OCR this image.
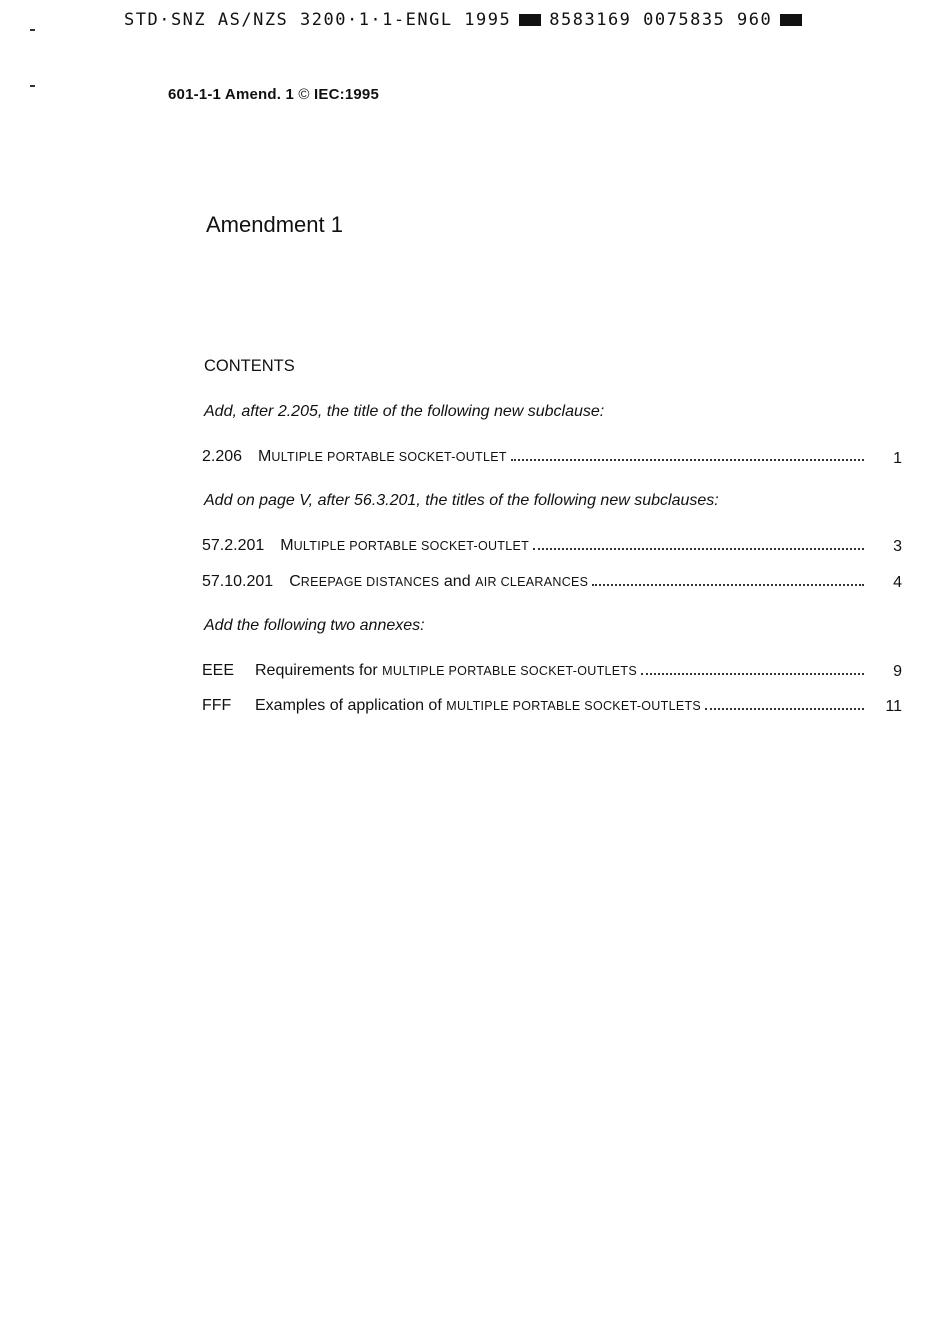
STD·SNZ AS/NZS 3200·1·1-ENGL 1995 8583169 0075835 960
601-1-1 Amend. 1 © IEC:1995
Amendment 1
CONTENTS
Add, after 2.205, the title of the following new subclause:
2.206 MULTIPLE PORTABLE SOCKET-OUTLET	1
Add on page V, after 56.3.201, the titles of the following new subclauses:
57.2.201 MULTIPLE PORTABLE SOCKET-OUTLET	3
57.10.201 CREEPAGE DISTANCES and AIR CLEARANCES	4
Add the following two annexes:
EEE	Requirements for MULTIPLE PORTABLE SOCKET-OUTLETS	9
FFF	Examples of application of MULTIPLE PORTABLE SOCKET-OUTLETS	11
